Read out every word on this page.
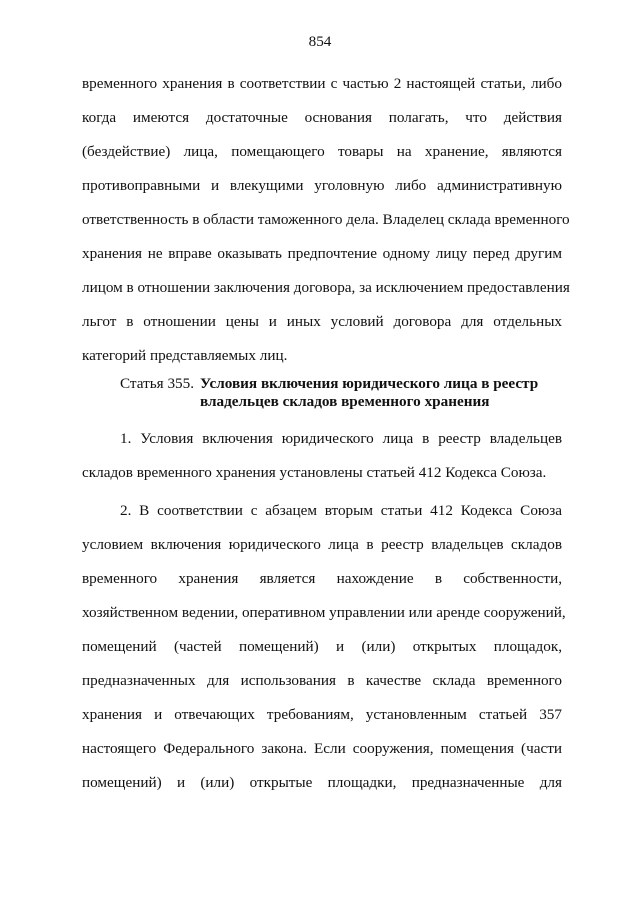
854
временного хранения в соответствии с частью 2 настоящей статьи, либо
когда имеются достаточные основания полагать, что действия
(бездействие) лица, помещающего товары на хранение, являются
противоправными и влекущими уголовную либо административную
ответственность в области таможенного дела. Владелец склада временного
хранения не вправе оказывать предпочтение одному лицу перед другим
лицом в отношении заключения договора, за исключением предоставления
льгот в отношении цены и иных условий договора для отдельных
категорий представляемых лиц.
Статья 355. Условия включения юридического лица в реестр
владельцев складов временного хранения
1. Условия включения юридического лица в реестр владельцев
складов временного хранения установлены статьей 412 Кодекса Союза.
2. В соответствии с абзацем вторым статьи 412 Кодекса Союза
условием включения юридического лица в реестр владельцев складов
временного хранения является нахождение в собственности,
хозяйственном ведении, оперативном управлении или аренде сооружений,
помещений (частей помещений) и (или) открытых площадок,
предназначенных для использования в качестве склада временного
хранения и отвечающих требованиям, установленным статьей 357
настоящего Федерального закона. Если сооружения, помещения (части
помещений) и (или) открытые площадки, предназначенные для
